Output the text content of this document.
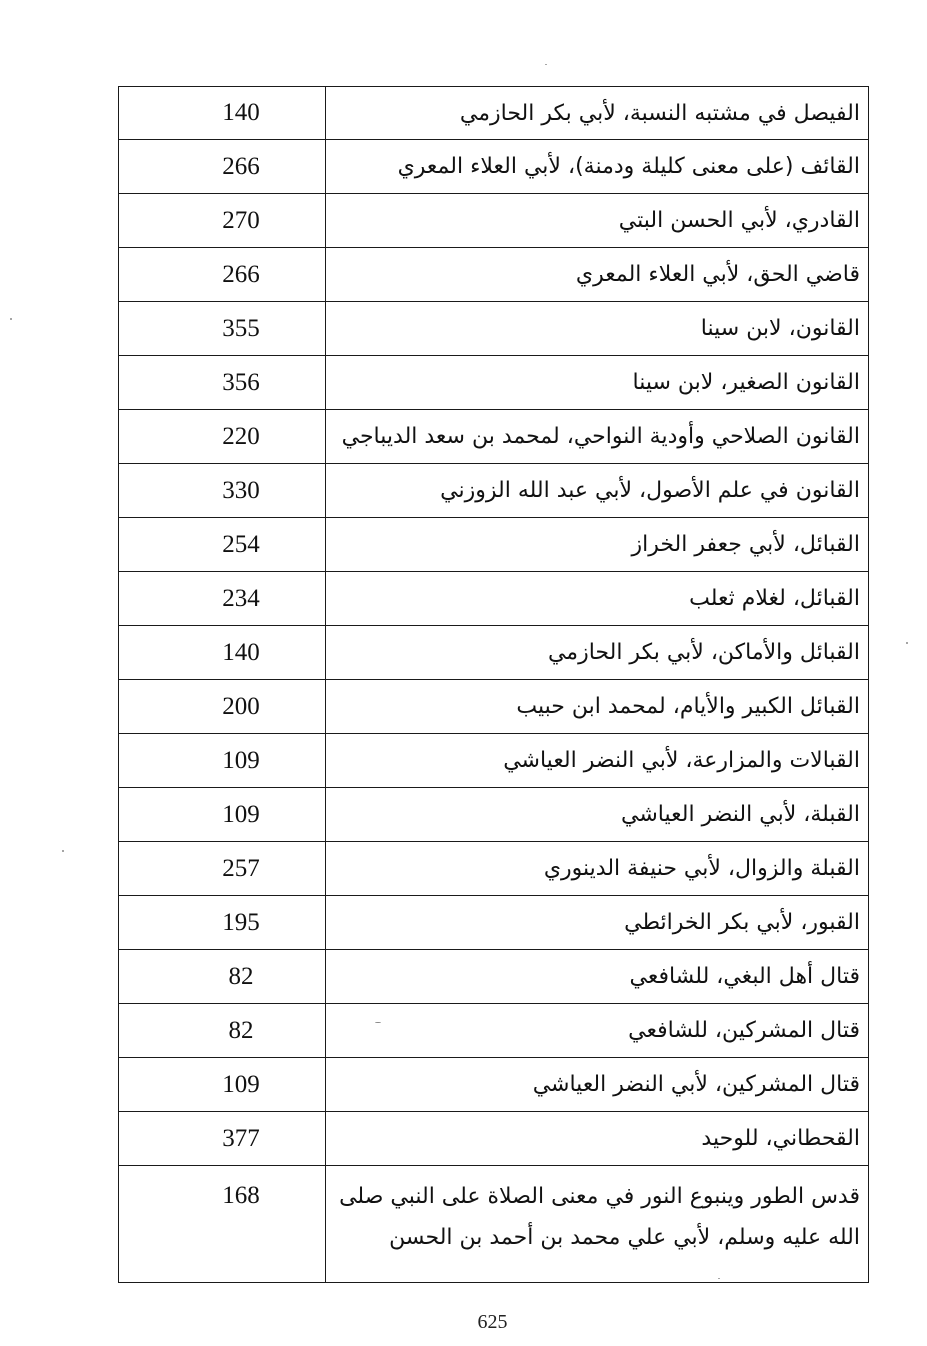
140	الفيصل في مشتبه النسبة، لأبي بكر الحازمي
266	القائف (على معنى كليلة ودمنة)، لأبي العلاء المعري
270	القادري، لأبي الحسن البتي
266	قاضي الحق، لأبي العلاء المعري
355	القانون، لابن سينا
356	القانون الصغير، لابن سينا
220	القانون الصلاحي وأودية النواحي، لمحمد بن سعد الديباجي
330	القانون في علم الأصول، لأبي عبد الله الزوزني
254	القبائل، لأبي جعفر الخراز
234	القبائل، لغلام ثعلب
140	القبائل والأماكن، لأبي بكر الحازمي
200	القبائل الكبير والأيام، لمحمد ابن حبيب
109	القبالات والمزارعة، لأبي النضر العياشي
109	القبلة، لأبي النضر العياشي
257	القبلة والزوال، لأبي حنيفة الدينوري
195	القبور، لأبي بكر الخرائطي
82	قتال أهل البغي، للشافعي
82	قتال المشركين، للشافعي
109	قتال المشركين، لأبي النضر العياشي
377	القحطاني، للوحيد
168	قدس الطور وينبوع النور في معنى الصلاة على النبي صلى الله عليه وسلم، لأبي علي محمد بن أحمد بن الحسن
625
